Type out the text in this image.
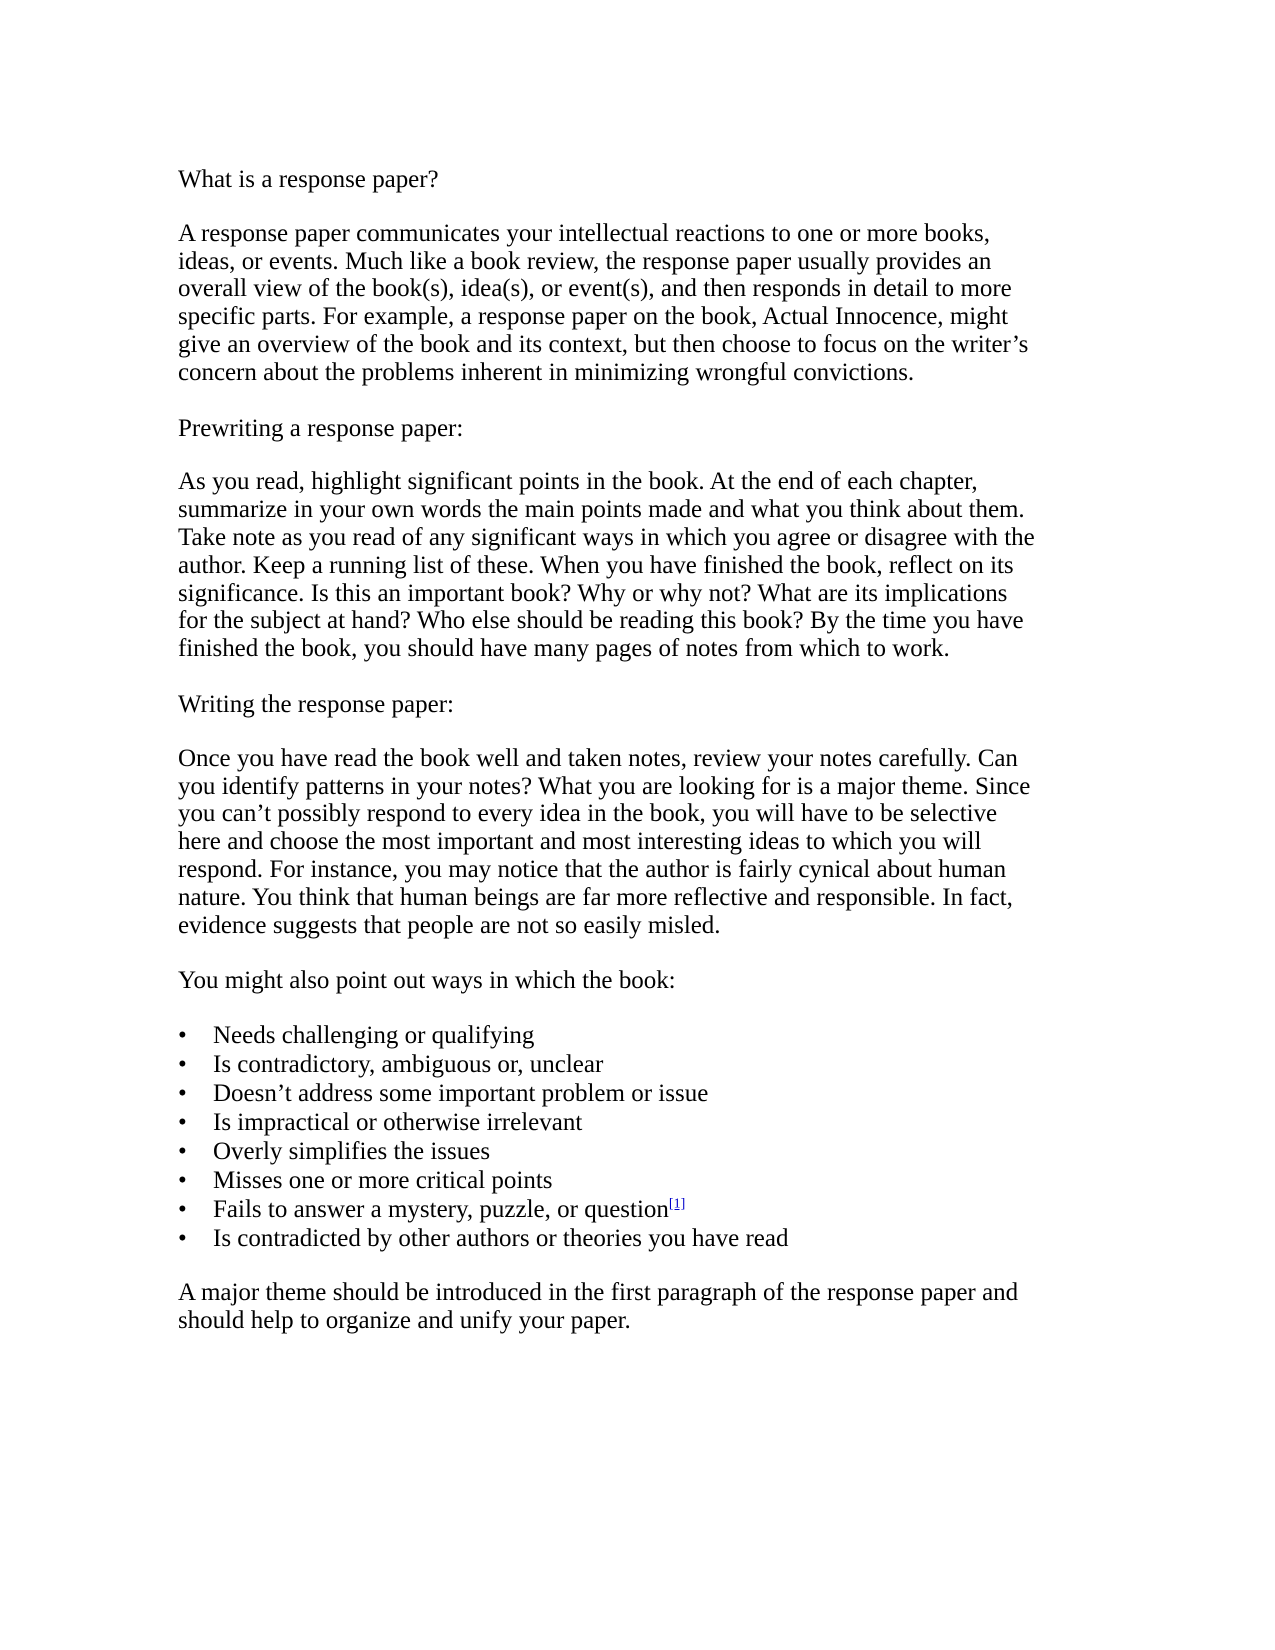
What is a response paper?

A response paper communicates your intellectual reactions to one or more books, ideas, or events. Much like a book review, the response paper usually provides an overall view of the book(s), idea(s), or event(s), and then responds in detail to more specific parts. For example, a response paper on the book, Actual Innocence, might give an overview of the book and its context, but then choose to focus on the writer’s concern about the problems inherent in minimizing wrongful convictions.

Prewriting a response paper:

As you read, highlight significant points in the book. At the end of each chapter, summarize in your own words the main points made and what you think about them. Take note as you read of any significant ways in which you agree or disagree with the author. Keep a running list of these. When you have finished the book, reflect on its significance. Is this an important book? Why or why not? What are its implications for the subject at hand? Who else should be reading this book? By the time you have finished the book, you should have many pages of notes from which to work.

Writing the response paper:

Once you have read the book well and taken notes, review your notes carefully. Can you identify patterns in your notes? What you are looking for is a major theme. Since you can’t possibly respond to every idea in the book, you will have to be selective here and choose the most important and most interesting ideas to which you will respond. For instance, you may notice that the author is fairly cynical about human nature. You think that human beings are far more reflective and responsible. In fact, evidence suggests that people are not so easily misled.

You might also point out ways in which the book:

• Needs challenging or qualifying
• Is contradictory, ambiguous or, unclear
• Doesn’t address some important problem or issue
• Is impractical or otherwise irrelevant
• Overly simplifies the issues
• Misses one or more critical points
• Fails to answer a mystery, puzzle, or question[1]
• Is contradicted by other authors or theories you have read

A major theme should be introduced in the first paragraph of the response paper and should help to organize and unify your paper.
